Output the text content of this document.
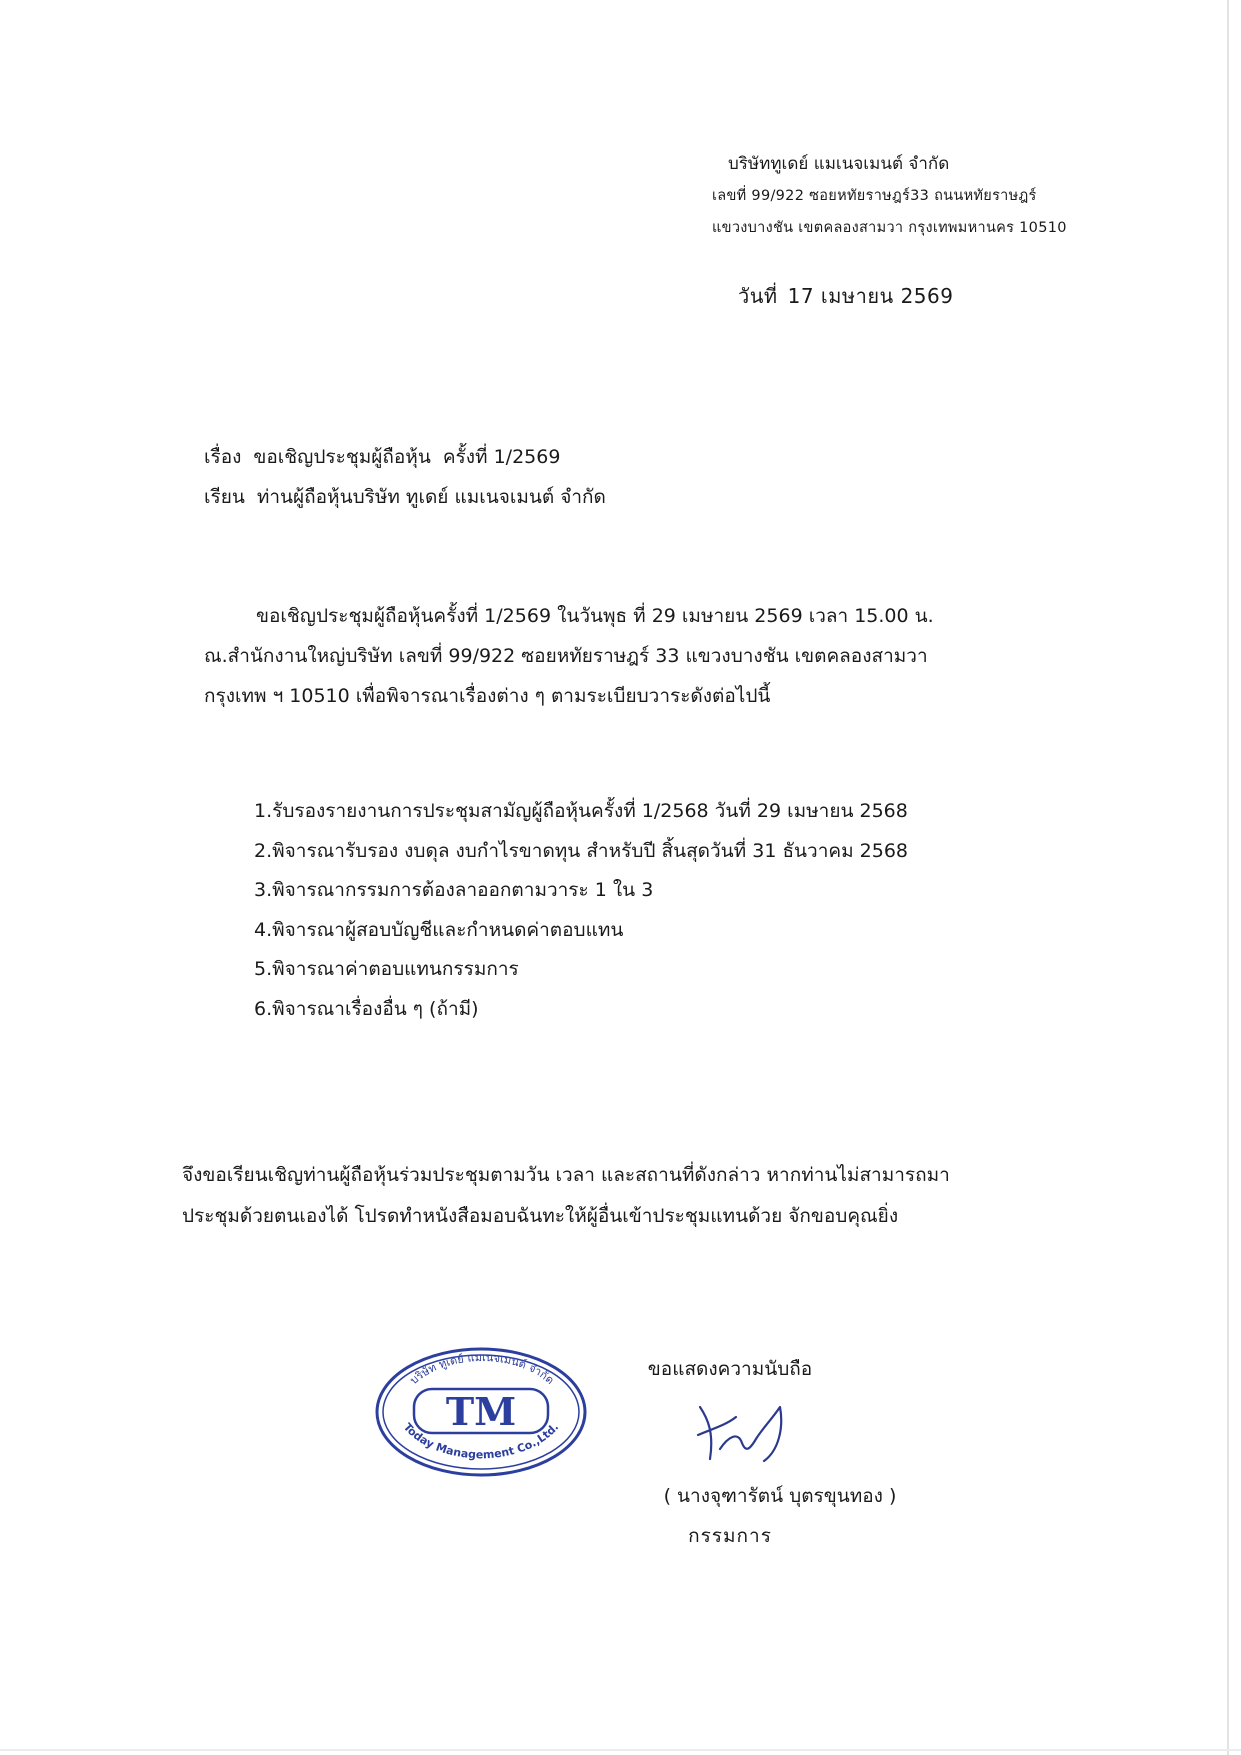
บริษัททูเดย์ แมเนจเมนต์ จำกัด
เลขที่ 99/922 ซอยหทัยราษฎร์33 ถนนหทัยราษฎร์
แขวงบางชัน เขตคลองสามวา กรุงเทพมหานคร 10510
วันที่ 17 เมษายน 2569
เรื่อง ขอเชิญประชุมผู้ถือหุ้น ครั้งที่ 1/2569
เรียน ท่านผู้ถือหุ้นบริษัท ทูเดย์ แมเนจเมนต์ จำกัด
ขอเชิญประชุมผู้ถือหุ้นครั้งที่ 1/2569 ในวันพุธ ที่ 29 เมษายน 2569 เวลา 15.00 น.
ณ.สำนักงานใหญ่บริษัท เลขที่ 99/922 ซอยหทัยราษฎร์ 33 แขวงบางชัน เขตคลองสามวา
กรุงเทพ ฯ 10510 เพื่อพิจารณาเรื่องต่าง ๆ ตามระเบียบวาระดังต่อไปนี้
1.รับรองรายงานการประชุมสามัญผู้ถือหุ้นครั้งที่ 1/2568 วันที่ 29 เมษายน 2568
2.พิจารณารับรอง งบดุล งบกำไรขาดทุน สำหรับปี สิ้นสุดวันที่ 31 ธันวาคม 2568
3.พิจารณากรรมการต้องลาออกตามวาระ 1 ใน 3
4.พิจารณาผู้สอบบัญชีและกำหนดค่าตอบแทน
5.พิจารณาค่าตอบแทนกรรมการ
6.พิจารณาเรื่องอื่น ๆ (ถ้ามี)
จึงขอเรียนเชิญท่านผู้ถือหุ้นร่วมประชุมตามวัน เวลา และสถานที่ดังกล่าว หากท่านไม่สามารถมา
ประชุมด้วยตนเองได้ โปรดทำหนังสือมอบฉันทะให้ผู้อื่นเข้าประชุมแทนด้วย จักขอบคุณยิ่ง
บริษัท ทูเดย์ แมเนจเมนต์ จำกัด
Today Management Co.,Ltd.
TM
ขอแสดงความนับถือ
( นางจุฑารัตน์ บุตรขุนทอง )
กรรมการ
